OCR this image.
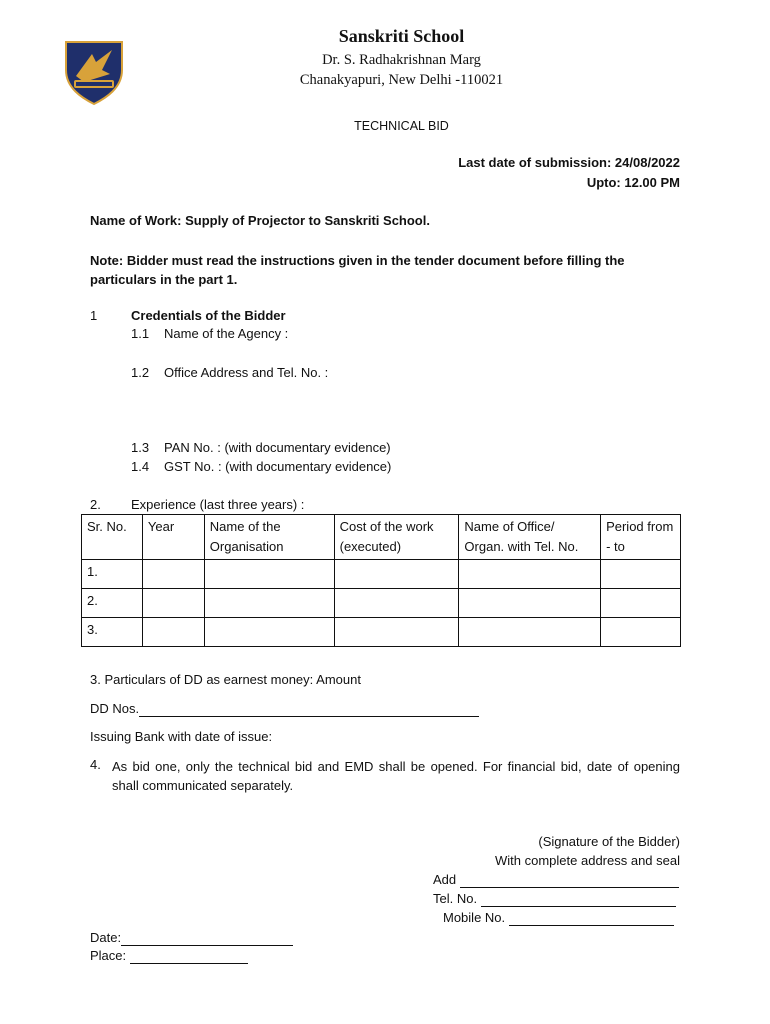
Sanskriti School
Dr. S. Radhakrishnan Marg
Chanakyapuri, New Delhi -110021
TECHNICAL BID
Last date of submission: 24/08/2022
Upto: 12.00 PM
Name of Work: Supply of Projector to Sanskriti School.
Note: Bidder must read the instructions given in the tender document before filling the particulars in the part 1.
1	Credentials of the Bidder
1.1 Name of the Agency :
1.2 Office Address and Tel. No. :
1.3 PAN No. : (with documentary evidence)
1.4 GST No. : (with documentary evidence)
2. Experience (last three years) :
Sr. No.	Year	Name of the Organisation	Cost of the work (executed)	Name of Office/ Organ. with Tel. No.	Period from - to
1.					
2.					
3.					
3. Particulars of DD as earnest money: Amount
DD Nos.
Issuing Bank with date of issue:
4. As bid one, only the technical bid and EMD shall be opened. For financial bid, date of opening shall communicated separately.
(Signature of the Bidder)
With complete address and seal
Add
Tel. No.
Mobile No.
Date:
Place:
